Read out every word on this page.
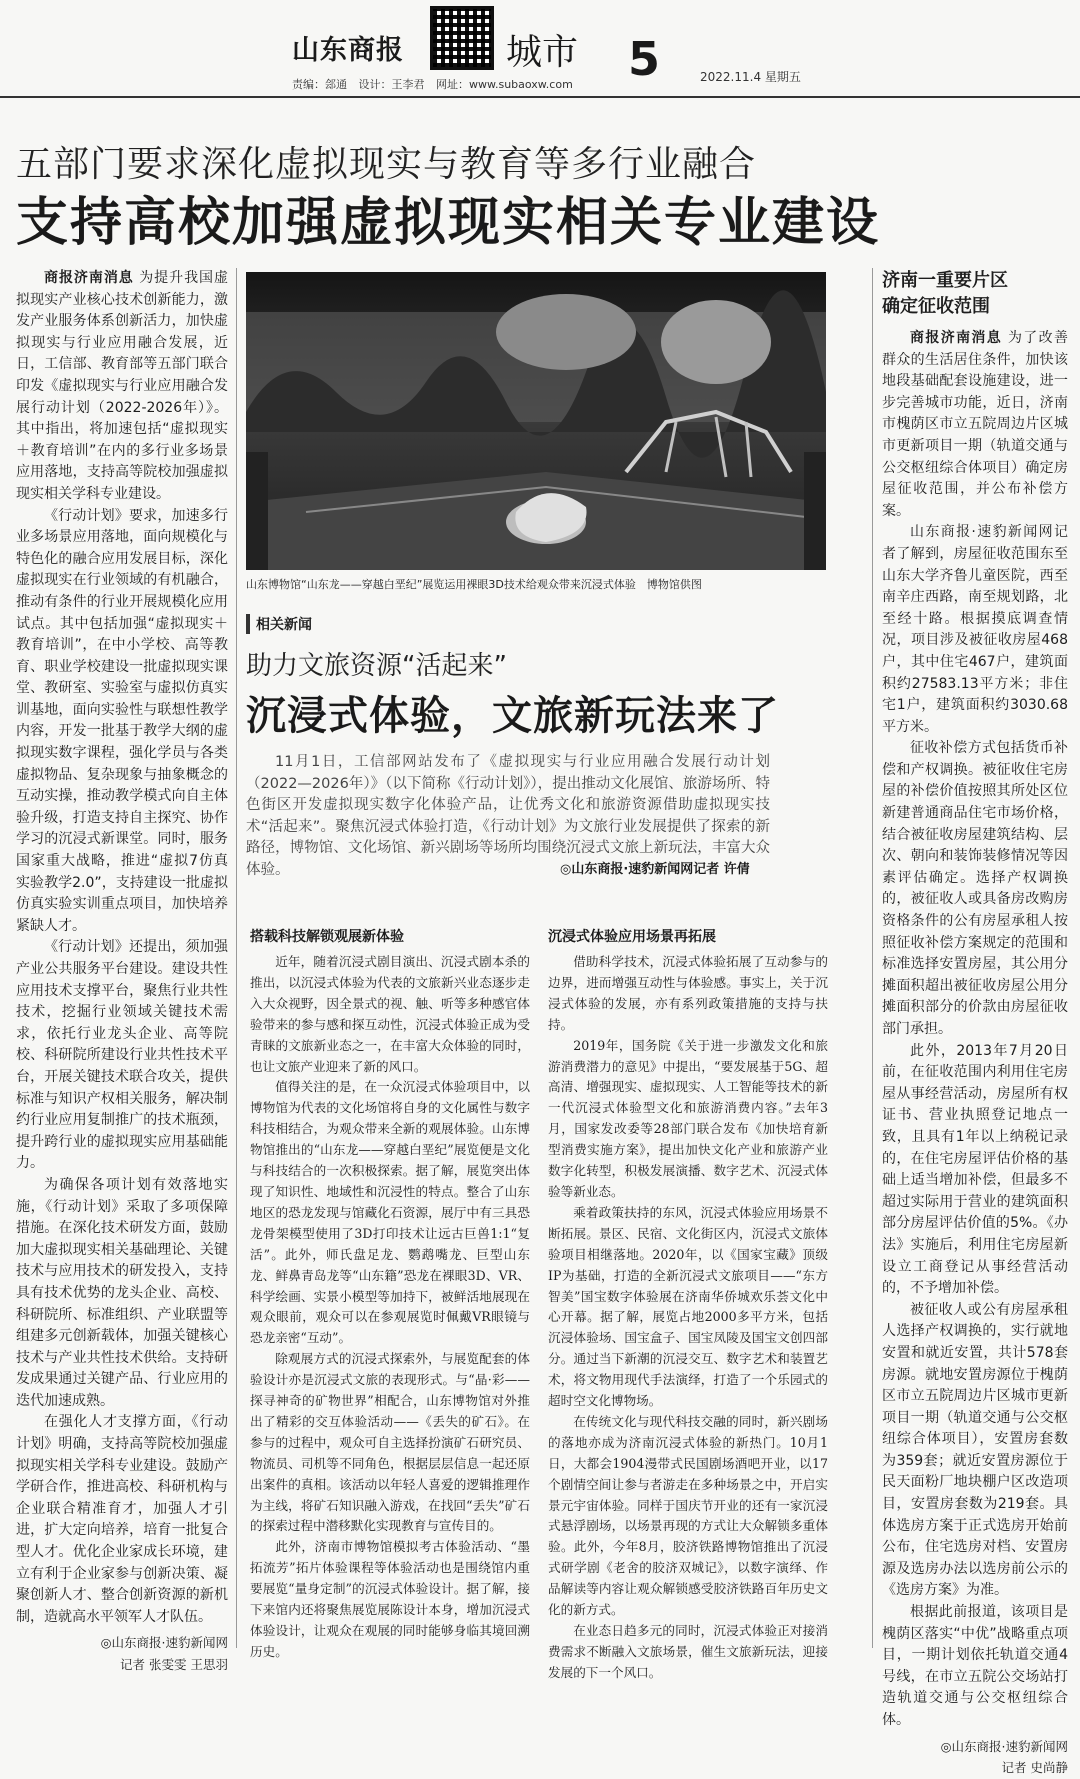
山东商报	城市
责编：郐通 设计：王李君 网址：www.subaoxw.com 5	2022.11.4 星期五
五部门要求深化虚拟现实与教育等多行业融合
支持高校加强虚拟现实相关专业建设

商报济南消息 为提升我国虚拟现实产业核心技术创新能力，激发产业服务体系创新活力，加快虚拟现实与行业应用融合发展，近日，工信部、教育部等五部门联合印发《虚拟现实与行业应用融合发展行动计划（2022-2026年）》。其中指出，将加速包括“虚拟现实＋教育培训”在内的多行业多场景应用落地，支持高等院校加强虚拟现实相关学科专业建设。

《行动计划》要求，加速多行业多场景应用落地，面向规模化与特色化的融合应用发展目标，深化虚拟现实在行业领域的有机融合，推动有条件的行业开展规模化应用试点。其中包括加强“虚拟现实＋教育培训”，在中小学校、高等教育、职业学校建设一批虚拟现实课堂、教研室、实验室与虚拟仿真实训基地，面向实验性与联想性教学内容，开发一批基于教学大纲的虚拟现实数字课程，强化学员与各类虚拟物品、复杂现象与抽象概念的互动实操，推动教学模式向自主体验升级，打造支持自主探究、协作学习的沉浸式新课堂。同时，服务国家重大战略，推进“虚拟7仿真实验教学2.0”，支持建设一批虚拟仿真实验实训重点项目，加快培养紧缺人才。

《行动计划》还提出，须加强产业公共服务平台建设。建设共性应用技术支撑平台，聚焦行业共性技术，挖掘行业领域关键技术需求，依托行业龙头企业、高等院校、科研院所建设行业共性技术平台，开展关键技术联合攻关，提供标准与知识产权相关服务，解决制约行业应用复制推广的技术瓶颈，提升跨行业的虚拟现实应用基础能力。

为确保各项计划有效落地实施，《行动计划》采取了多项保障措施。在深化技术研发方面，鼓励加大虚拟现实相关基础理论、关键技术与应用技术的研发投入，支持具有技术优势的龙头企业、高校、科研院所、标准组织、产业联盟等组建多元创新载体，加强关键核心技术与产业共性技术供给。支持研发成果通过关键产品、行业应用的迭代加速成熟。

在强化人才支撑方面，《行动计划》明确，支持高等院校加强虚拟现实相关学科专业建设。鼓励产学研合作，推进高校、科研机构与企业联合精准育才，加强人才引进，扩大定向培养，培育一批复合型人才。优化企业家成长环境，建立有利于企业家参与创新决策、凝聚创新人才、整合创新资源的新机制，造就高水平领军人才队伍。

◎山东商报·速豹新闻网
记者 张雯雯 王思羽
山东博物馆“山东龙——穿越白垩纪”展览运用裸眼3D技术给观众带来沉浸式体验　博物馆供图
相关新闻
助力文旅资源“活起来”
沉浸式体验，文旅新玩法来了

11月1日，工信部网站发布了《虚拟现实与行业应用融合发展行动计划（2022—2026年）》（以下简称《行动计划》），提出推动文化展馆、旅游场所、特色街区开发虚拟现实数字化体验产品，让优秀文化和旅游资源借助虚拟现实技术“活起来”。聚焦沉浸式体验打造，《行动计划》为文旅行业发展提供了探索的新路径，博物馆、文化场馆、新兴剧场等场所均围绕沉浸式文旅上新玩法，丰富大众体验。	◎山东商报·速豹新闻网记者 许倩
搭载科技解锁观展新体验	沉浸式体验应用场景再拓展

近年，随着沉浸式剧目演出、沉浸式剧本杀的推出，以沉浸式体验为代表的文旅新兴业态逐步走入大众视野，因全景式的视、触、听等多种感官体验带来的参与感和探互动性，沉浸式体验正成为受青睐的文旅新业态之一，在丰富大众体验的同时，也让文旅产业迎来了新的风口。

值得关注的是，在一众沉浸式体验项目中，以博物馆为代表的文化场馆将自身的文化属性与数字科技相结合，为观众带来全新的观展体验。山东博物馆推出的“山东龙——穿越白垩纪”展览便是文化与科技结合的一次积极探索。据了解，展览突出体现了知识性、地域性和沉浸性的特点。整合了山东地区的恐龙发现与馆藏化石资源，展厅中有三具恐龙骨架模型使用了3D打印技术让远古巨兽1:1“复活”。此外，师氏盘足龙、鹦鹉嘴龙、巨型山东龙、鲜鼻青岛龙等“山东籍”恐龙在裸眼3D、VR、科学绘画、实景小模型等加持下，被鲜活地展现在观众眼前，观众可以在参观展览时佩戴VR眼镜与恐龙亲密“互动”。

除观展方式的沉浸式探索外，与展览配套的体验设计亦是沉浸式文旅的表现形式。与“晶·彩——探寻神奇的矿物世界”相配合，山东博物馆对外推出了精彩的交互体验活动——《丢失的矿石》。在参与的过程中，观众可自主选择扮演矿石研究员、物流员、司机等不同角色，根据层层信息一起还原出案件的真相。该活动以年轻人喜爱的逻辑推理作为主线，将矿石知识融入游戏，在找回“丢失”矿石的探索过程中潜移默化实现教育与宣传目的。

此外，济南市博物馆模拟考古体验活动、“墨拓流芳”拓片体验课程等体验活动也是围绕馆内重要展览“量身定制”的沉浸式体验设计。据了解，接下来馆内还将聚焦展览展陈设计本身，增加沉浸式体验设计，让观众在观展的同时能够身临其境回溯历史。

借助科学技术，沉浸式体验拓展了互动参与的边界，进而增强互动性与体验感。事实上，关于沉浸式体验的发展，亦有系列政策措施的支持与扶持。

2019年，国务院《关于进一步激发文化和旅游消费潜力的意见》中提出，“要发展基于5G、超高清、增强现实、虚拟现实、人工智能等技术的新一代沉浸式体验型文化和旅游消费内容。”去年3月，国家发改委等28部门联合发布《加快培育新型消费实施方案》，提出加快文化产业和旅游产业数字化转型，积极发展演播、数字艺术、沉浸式体验等新业态。

乘着政策扶持的东风，沉浸式体验应用场景不断拓展。景区、民宿、文化街区内，沉浸式文旅体验项目相继落地。2020年，以《国家宝藏》顶级IP为基础，打造的全新沉浸式文旅项目——“东方智美”国宝数字体验展在济南华侨城欢乐荟文化中心开幕。据了解，展览占地2000多平方米，包括沉浸体验场、国宝盒子、国宝凤陵及国宝文创四部分。通过当下新潮的沉浸交互、数字艺术和装置艺术，将文物用现代手法演绎，打造了一个乐园式的超时空文化博物场。

在传统文化与现代科技交融的同时，新兴剧场的落地亦成为济南沉浸式体验的新热门。10月1日，大都会1904漫带式民国剧场酒吧开业，以17个剧情空间让参与者游走在多种场景之中，开启实景元宇宙体验。同样于国庆节开业的还有一家沉浸式悬浮剧场，以场景再现的方式让大众解锁多重体验。此外，今年8月，胶济铁路博物馆推出了沉浸式研学剧《老舍的胶济双城记》，以数字演绎、作品解读等内容让观众解锁感受胶济铁路百年历史文化的新方式。

在业态日趋多元的同时，沉浸式体验正对接消费需求不断融入文旅场景，催生文旅新玩法，迎接发展的下一个风口。

济南一重要片区
确定征收范围

商报济南消息 为了改善群众的生活居住条件，加快该地段基础配套设施建设，进一步完善城市功能，近日，济南市槐荫区市立五院周边片区城市更新项目一期（轨道交通与公交枢纽综合体项目）确定房屋征收范围，并公布补偿方案。

山东商报·速豹新闻网记者了解到，房屋征收范围东至山东大学齐鲁儿童医院，西至南辛庄西路，南至规划路，北至经十路。根据摸底调查情况，项目涉及被征收房屋468户，其中住宅467户，建筑面积约27583.13平方米；非住宅1户，建筑面积约3030.68平方米。

征收补偿方式包括货币补偿和产权调换。被征收住宅房屋的补偿价值按照其所处区位新建普通商品住宅市场价格，结合被征收房屋建筑结构、层次、朝向和装饰装修情况等因素评估确定。选择产权调换的，被征收人或具备房改购房资格条件的公有房屋承租人按照征收补偿方案规定的范围和标准选择安置房屋，其公用分摊面积超出被征收房屋公用分摊面积部分的价款由房屋征收部门承担。

此外，2013年7月20日前，在征收范围内利用住宅房屋从事经营活动，房屋所有权证书、营业执照登记地点一致，且具有1年以上纳税记录的，在住宅房屋评估价格的基础上适当增加补偿，但最多不超过实际用于营业的建筑面积部分房屋评估价值的5%。《办法》实施后，利用住宅房屋新设立工商登记从事经营活动的，不予增加补偿。

被征收人或公有房屋承租人选择产权调换的，实行就地安置和就近安置，共计578套房源。就地安置房源位于槐荫区市立五院周边片区城市更新项目一期（轨道交通与公交枢纽综合体项目），安置房套数为359套；就近安置房源位于民天面粉厂地块棚户区改造项目，安置房套数为219套。具体选房方案于正式选房开始前公布，住宅选房对档、安置房源及选房办法以选房前公示的《选房方案》为准。

根据此前报道，该项目是槐荫区落实“中优”战略重点项目，一期计划依托轨道交通4号线，在市立五院公交场站打造轨道交通与公交枢纽综合体。

◎山东商报·速豹新闻网
记者 史尚静
